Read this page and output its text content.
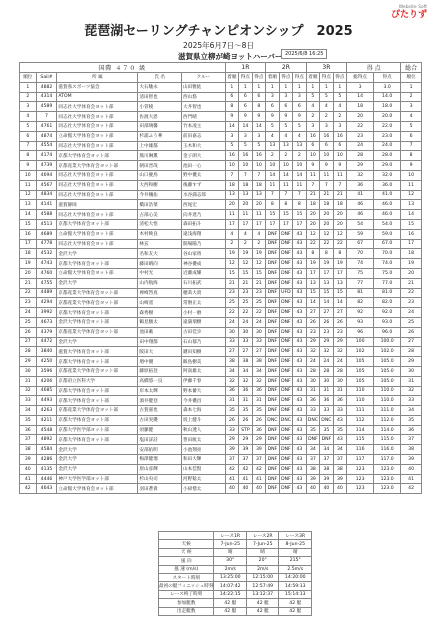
Website Soft
ぴたりず
琵琶湖セーリングチャンピオンシップ　2025
2025年6月7日～8日
滋賀県立柳が崎ヨットハーバー 2025/6/8 16:25
国際 ４７０ 級					1R			2R			3R			得 点		総合
順位	Sail#	所 属	氏 名	クルー	着順	得点	得点	着順	得点	得点	着順	得点	得点	総得点	得点	順位
1	4882	滋賀県スポーツ協会	大石馳永	山田雅紘	1	1	1	1	1	1	1	1	1	3	3.0	1
2	4314	ATOM	清田智也	西山悠	6	6	6	3	3	3	5	5	5	14	14.0	2
3	4589	同志社大学体育会ヨット部	小菅稜	大井智也	8	6	8	6	6	6	4	4	4	18	18.0	3
4	7	同志社大学体育会ヨット部	佐渡大恩	西門晴	9	9	9	9	9	9	2	2	2	20	20.0	4
5	4761	同志社大学体育会ヨット部	田部璃馨	竹本凌主	14	14	14	5	5	5	3	3	3	22	22.0	5
6	4874	立命館大学体育会ヨット部	杉浦ふう華	前田嘉志	3	3	3	4	4	4	16	16	16	23	23.0	6
7	4554	同志社大学体育会ヨット部	上中雄都	玉木和大	5	5	5	13	13	13	6	6	6	24	24.0	7
8	4174	京都大学体育会ヨット部	熊川琳薫	金子朗大	16	16	16	2	2	2	10	10	10	28	28.0	8
9	4739	京都産業大学体育会ヨット部	朝田晋哉	池田一心	10	10	10	10	10	10	9	9	9	29	29.0	9
10	4694	同志社大学体育会ヨット部	山口慶鳥	野中優太	7	7	7	14	14	14	11	11	11	32	32.0	10
11	4567	同志社大学体育会ヨット部	大西和樹	後藤すず	18	18	18	11	11	11	7	7	7	36	36.0	11
12	4834	同志社大学体育会ヨット部	今井穣佑	水谷満志郎	13	13	13	7	7	7	21	21	21	41	41.0	12
13	4141	滋賀静岡	橋田浩菜	西尾宏	20	20	20	8	8	8	18	18	18	46	46.0	13
14	4588	同志社大学体育会ヨット部	占部心美	向井達乃	11	11	11	15	15	15	20	20	20	46	46.0	14
15	4513	京都大学体育会ヨット部	清松大悟	森田拓斗	17	17	17	17	17	17	20	20	20	54	54.0	15
16	4689	立命館大学体育会ヨット部	木村映良	遠浅海翔	4	4	4	DNF	DNF	43	12	12	12	59	59.0	16
17	4778	同志社大学体育会ヨット部	林玄	開場陽乃	2	2	2	DNF	DNF	43	22	22	22	67	67.0	17
18	4532	金沢大学	名和友大	谷山家将	19	19	19	DNF	DNF	43	8	8	8	70	70.0	18
19	4743	京都大学体育会ヨット部	藤田晴向	神谷優成	12	12	12	DNF	DNF	43	19	19	19	74	74.0	19
20	4760	立命館大学体育会ヨット部	中村光	近藤成耀	15	15	15	DNF	DNF	43	17	17	17	75	75.0	20
21	4755	金沢大学	山内航海	石川拓武	21	21	21	DNF	DNF	43	13	13	13	77	77.0	21
22	4489	京都産業大学体育会ヨット部	禅崎啓真	穂苅大貴	23	23	23	DNF	UFD	43	15	15	15	81	81.0	22
23	4294	京都産業大学体育会ヨット部	山崎遥	常磐正太	25	25	25	DNF	DNF	43	14	14	14	82	82.0	23
24	3992	京都大学体育会ヨット部	森秀樹	小村一磨	22	22	22	DNF	DNF	43	27	27	27	92	92.0	24
25	4673	金沢大学体育会ヨット部	鶴見駿太	遠満瑞樹	24	24	24	DNF	DNF	43	26	26	26	93	93.0	25
26	4379	京都産業大学体育会ヨット部	池田礁	古田佳歩	30	30	30	DNF	DNF	43	23	23	23	96	96.0	26
27	4472	金沢大学	田中翔都	石山郁乃	33	33	33	DNF	DNF	43	29	29	29	100	100.0	27
28	3840	滋賀大学体育会ヨット部	阪田大	鍵田知樹	27	27	27	DNF	DNF	43	32	32	32	102	102.0	28
29	4250	京都大学体育会ヨット部	増中優	飯島樹美	38	38	38	DNF	DNF	43	24	24	24	105	105.0	29
30	3596	京都産業大学体育会ヨット部	藤原拓登	阿南雄太	34	34	34	DNF	DNF	43	28	28	28	105	105.0	30
31	4206	京都府立医科大学	高橋悠一良	伊藤千春	32	32	32	DNF	DNF	43	30	30	30	105	105.0	31
32	4685	京都大学体育会ヨット部	岸本太輝	野本蓄大	36	36	36	DNF	DNF	43	31	31	31	110	110.0	32
33	4493	京都大学体育会ヨット部	酒井健登	今井優昌	31	31	31	DNF	DNF	43	36	36	36	110	110.0	33
34	4263	京都産業大学体育会ヨット部	古賀嘉也	森本七海	35	35	35	DNF	DNF	43	33	33	33	111	111.0	34
35	4211	京都大学体育会ヨット部	古田実優	坂上健斗	26	26	26	DNC	DNC	43	DNC	DNC	43	112	112.0	35
36	4548	京都大学医学部ヨット部	須藤健	秋山透人	33	STP	36	DNF	DNF	43	35	35	35	114	114.0	36
37	4892	京都大学体育会ヨット部	塩田詳詩	豊田航太	29	29	29	DNF	DNF	43	DNF	DNF	43	115	115.0	37
38	4584	金沢大学	安部佑明	小池翔亮	39	39	39	DNF	DNF	43	34	34	34	116	116.0	38
39	4286	金沢大学	梅澤健瑠	和田大輝	37	37	37	DNF	DNF	43	37	37	37	117	117.0	39
40	4135	金沢大学	原山彦輝	山本佳賢	42	42	42	DNF	DNF	43	38	38	38	123	123.0	40
41	4446	神戸大学医学部ヨット部	杉山央司	河野稔太	41	41	41	DNF	DNF	43	39	39	39	123	123.0	41
42	4643	立命館大学体育会ヨット部	羽田蒼貴	小掃僧太	40	40	40	DNF	DNF	43	40	40	40	123	123.0	42
	レース1R	レース2R	レース3R
天候	7-Jun-25	7-Jun-25	8-Jun-25
天 候	晴	晴	晴
風 向	30°	20°	215°
風 速 (m/s)	2m/s	2m/s	2.5m/s
スタート時刻	13:25:00	12:15:00	14:20:00
最初の艇フィニッシュ時刻	14:07:42	12:57:49	14:59:13
レース終了時刻	14:22:15	13:12:37	15:14:13
参加艇数	42 艇	42 艇	42 艇
出走艇数	42 艇	42 艇	42 艇
